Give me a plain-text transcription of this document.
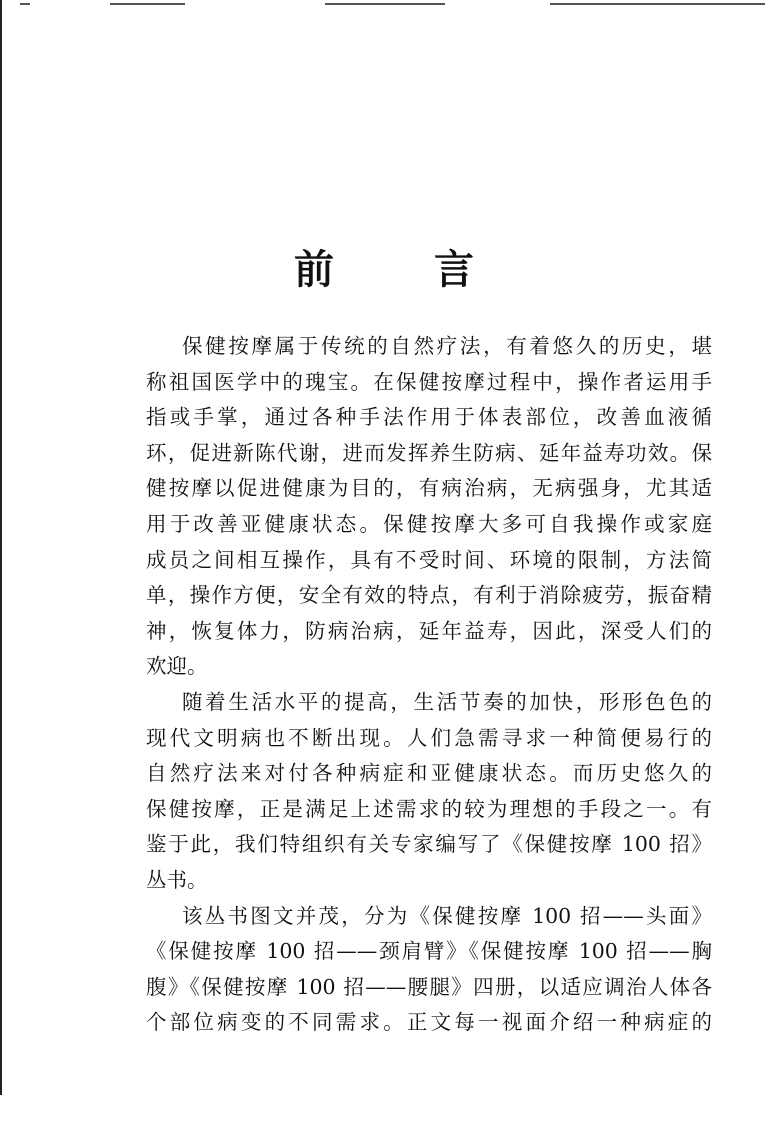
前	言
保健按摩属于传统的自然疗法，有着悠久的历史，堪
称祖国医学中的瑰宝。在保健按摩过程中，操作者运用手
指或手掌，通过各种手法作用于体表部位，改善血液循
环，促进新陈代谢，进而发挥养生防病、延年益寿功效。保
健按摩以促进健康为目的，有病治病，无病强身，尤其适
用于改善亚健康状态。保健按摩大多可自我操作或家庭
成员之间相互操作，具有不受时间、环境的限制，方法简
单，操作方便，安全有效的特点，有利于消除疲劳，振奋精
神，恢复体力，防病治病，延年益寿，因此，深受人们的
欢迎。
随着生活水平的提高，生活节奏的加快，形形色色的
现代文明病也不断出现。人们急需寻求一种简便易行的
自然疗法来对付各种病症和亚健康状态。而历史悠久的
保健按摩，正是满足上述需求的较为理想的手段之一。有
鉴于此，我们特组织有关专家编写了《保健按摩 100 招》
丛书。
该丛书图文并茂，分为《保健按摩 100 招——头面》
《保健按摩 100 招——颈肩臂》《保健按摩 100 招——胸
腹》《保健按摩 100 招——腰腿》四册，以适应调治人体各
个部位病变的不同需求。正文每一视面介绍一种病症的
